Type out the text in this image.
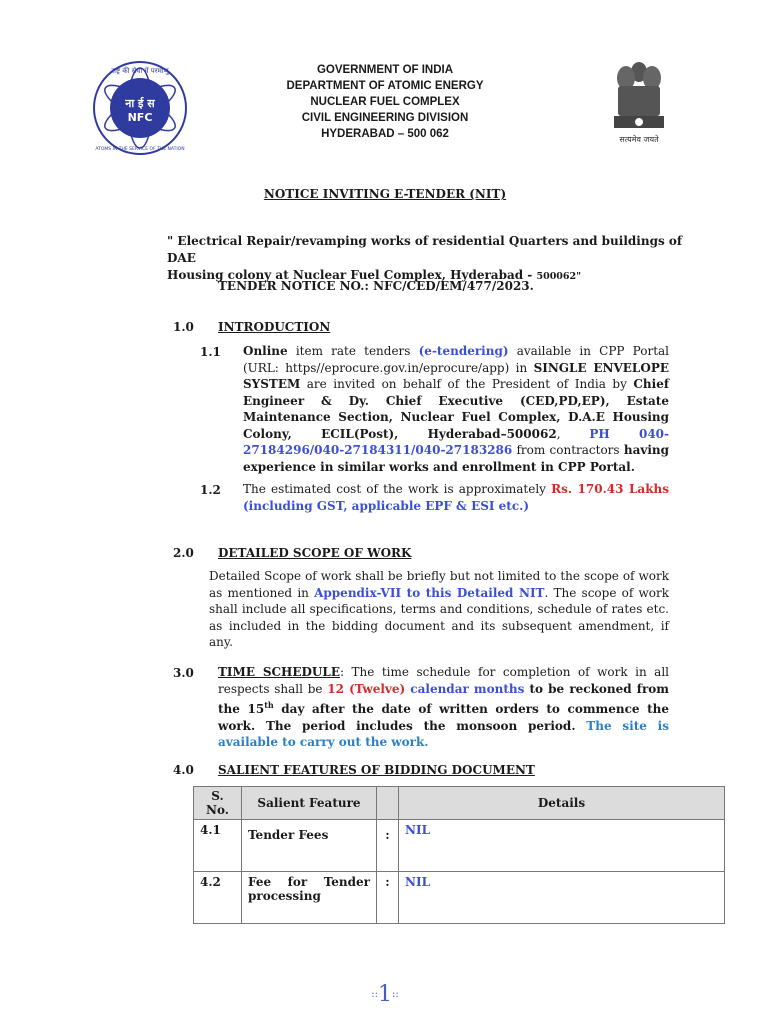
राष्ट्र की सेवा में परमाणु
ना ई स
NFC
ATOMS IN THE SERVICE OF THE NATION
GOVERNMENT OF INDIA
DEPARTMENT OF ATOMIC ENERGY
NUCLEAR FUEL COMPLEX
CIVIL ENGINEERING DIVISION
HYDERABAD – 500 062	सत्यमेव जयते
NOTICE INVITING E-TENDER (NIT)
" Electrical Repair/revamping works of residential Quarters and buildings of DAE
Housing colony at Nuclear Fuel Complex, Hyderabad - 500062"
TENDER NOTICE NO.: NFC/CED/EM/477/2023.
1.0 INTRODUCTION
1.1 Online item rate tenders (e-tendering) available in CPP Portal (URL: https//eprocure.gov.in/eprocure/app) in SINGLE ENVELOPE SYSTEM are invited on behalf of the President of India by Chief Engineer & Dy. Chief Executive (CED,PD,EP), Estate Maintenance Section, Nuclear Fuel Complex, D.A.E Housing Colony, ECIL(Post), Hyderabad–500062, PH 040-27184296/040-27184311/040-27183286 from contractors having experience in similar works and enrollment in CPP Portal.
1.2 The estimated cost of the work is approximately Rs. 170.43 Lakhs (including GST, applicable EPF & ESI etc.)
2.0 DETAILED SCOPE OF WORK
Detailed Scope of work shall be briefly but not limited to the scope of work as mentioned in Appendix-VII to this Detailed NIT. The scope of work shall include all specifications, terms and conditions, schedule of rates etc. as included in the bidding document and its subsequent amendment, if any.
3.0 TIME SCHEDULE: The time schedule for completion of work in all respects shall be 12 (Twelve) calendar months to be reckoned from the 15th day after the date of written orders to commence the work. The period includes the monsoon period. The site is available to carry out the work.
4.0 SALIENT FEATURES OF BIDDING DOCUMENT
S. No.	Salient Feature		Details
4.1	Tender Fees	:	NIL
4.2	Fee for Tender processing	:	NIL
::1::
